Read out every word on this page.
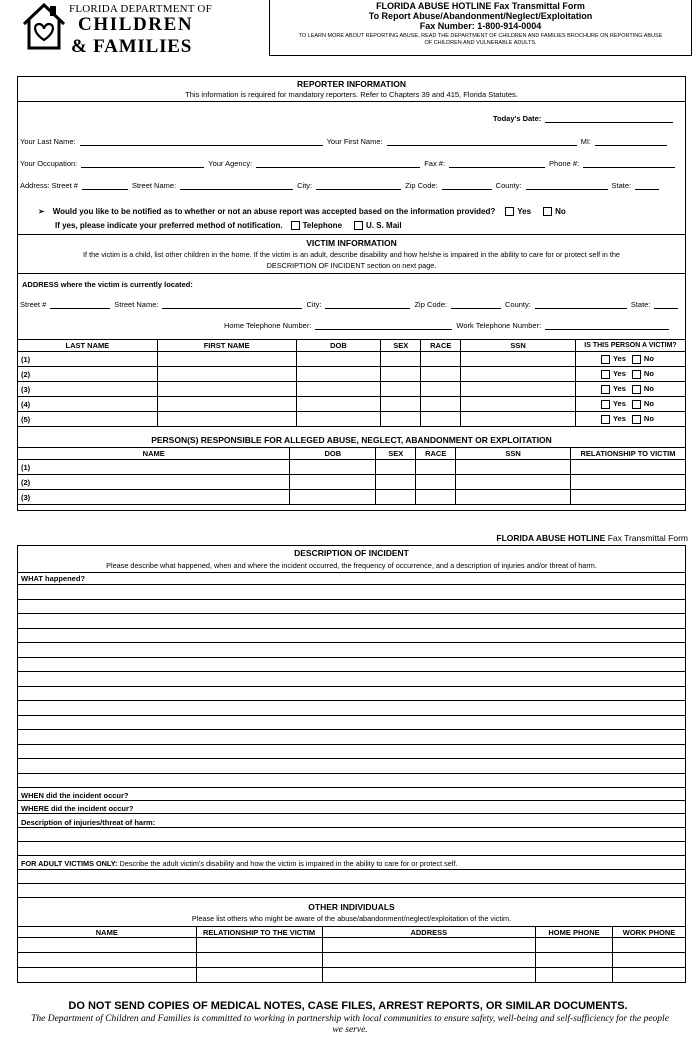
FLORIDA DEPARTMENT OF
CHILDREN
& FAMILIES
FLORIDA ABUSE HOTLINE Fax Transmittal Form
To Report Abuse/Abandonment/Neglect/Exploitation
Fax Number: 1-800-914-0004
TO LEARN MORE ABOUT REPORTING ABUSE, READ THE DEPARTMENT OF CHILDREN AND FAMILIES BROCHURE ON REPORTING ABUSE OF CHILDREN AND VULNERABLE ADULTS.
REPORTER INFORMATION
This information is required for mandatory reporters. Refer to Chapters 39 and 415, Florida Statutes.
Today's Date:
Your Last Name:	Your First Name:	MI:
Your Occupation:	Your Agency:	Fax #:	Phone #:
Address: Street #	Street Name:	City:	Zip Code:	County:	State:
➢ Would you like to be notified as to whether or not an abuse report was accepted based on the information provided?	Yes	No
If yes, please indicate your preferred method of notification.	Telephone	U. S. Mail
VICTIM INFORMATION
If the victim is a child, list other children in the home. If the victim is an adult, describe disability and how he/she is impaired in the ability to care for or protect self in the
DESCRIPTION OF INCIDENT section on next page.
ADDRESS where the victim is currently located:
Street #	Street Name:	City:	Zip Code:	County:	State:
Home Telephone Number:	Work Telephone Number:
LAST NAME	FIRST NAME	DOB	SEX	RACE	SSN	IS THIS PERSON A VICTIM?
(1)						Yes No
(2)						Yes No
(3)						Yes No
(4)						Yes No
(5)						Yes No
PERSON(S) RESPONSIBLE FOR ALLEGED ABUSE, NEGLECT, ABANDONMENT OR EXPLOITATION
NAME	DOB	SEX	RACE	SSN	RELATIONSHIP TO VICTIM
(1)					
(2)					
(3)					
FLORIDA ABUSE HOTLINE Fax Transmittal Form
DESCRIPTION OF INCIDENT
Please describe what happened, when and where the incident occurred, the frequency of occurrence, and a description of injuries and/or threat of harm.
WHAT happened?
WHEN did the incident occur?
WHERE did the incident occur?
Description of injuries/threat of harm:
FOR ADULT VICTIMS ONLY: Describe the adult victim's disability and how the victim is impaired in the ability to care for or protect self.
OTHER INDIVIDUALS
Please list others who might be aware of the abuse/abandonment/neglect/exploitation of the victim.
NAME	RELATIONSHIP TO THE VICTIM	ADDRESS	HOME PHONE	WORK PHONE

DO NOT SEND COPIES OF MEDICAL NOTES, CASE FILES, ARREST REPORTS, OR SIMILAR DOCUMENTS.
The Department of Children and Families is committed to working in partnership with local communities to ensure safety, well-being and self-sufficiency for the people we serve.
